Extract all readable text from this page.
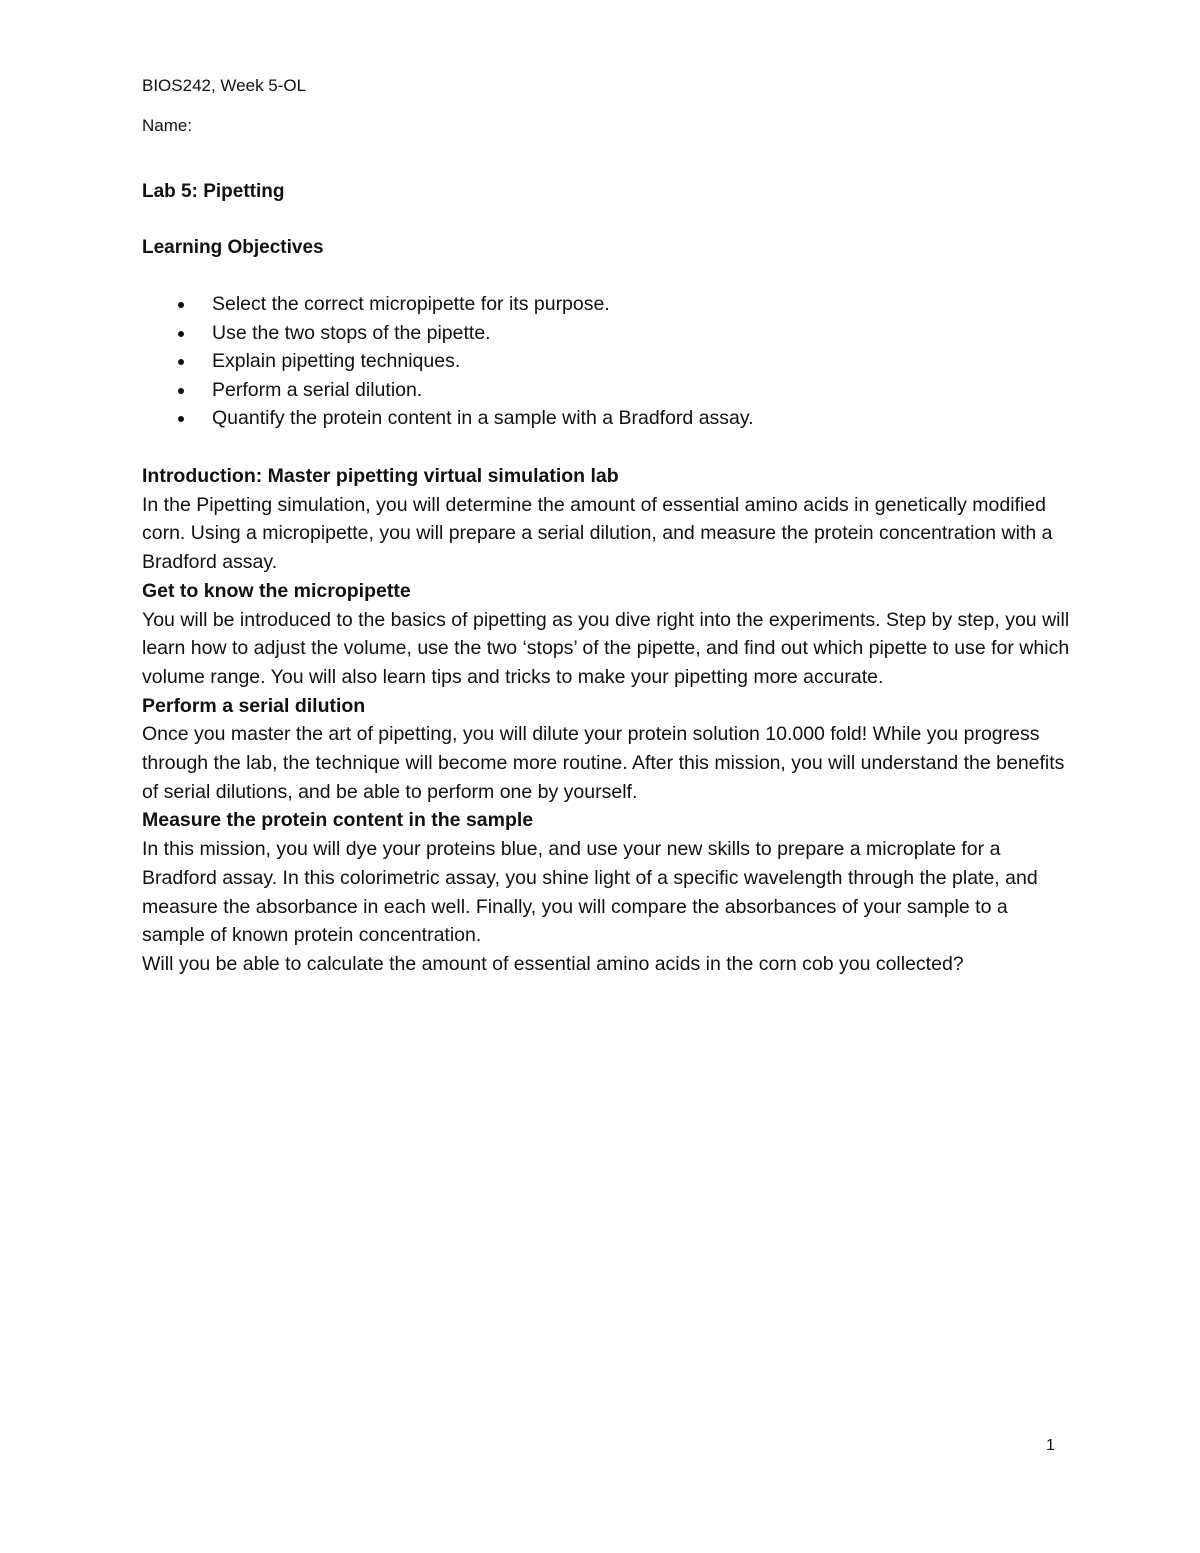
BIOS242, Week 5-OL
Name:
Lab 5: Pipetting
Learning Objectives
Select the correct micropipette for its purpose.
Use the two stops of the pipette.
Explain pipetting techniques.
Perform a serial dilution.
Quantify the protein content in a sample with a Bradford assay.

Introduction: Master pipetting virtual simulation lab

In the Pipetting simulation, you will determine the amount of essential amino acids in genetically modified corn. Using a micropipette, you will prepare a serial dilution, and measure the protein concentration with a Bradford assay.

Get to know the micropipette

You will be introduced to the basics of pipetting as you dive right into the experiments. Step by step, you will learn how to adjust the volume, use the two ‘stops’ of the pipette, and find out which pipette to use for which volume range. You will also learn tips and tricks to make your pipetting more accurate.

Perform a serial dilution

Once you master the art of pipetting, you will dilute your protein solution 10.000 fold! While you progress through the lab, the technique will become more routine. After this mission, you will understand the benefits of serial dilutions, and be able to perform one by yourself.

Measure the protein content in the sample

In this mission, you will dye your proteins blue, and use your new skills to prepare a microplate for a Bradford assay. In this colorimetric assay, you shine light of a specific wavelength through the plate, and measure the absorbance in each well. Finally, you will compare the absorbances of your sample to a sample of known protein concentration.

Will you be able to calculate the amount of essential amino acids in the corn cob you collected?

1
